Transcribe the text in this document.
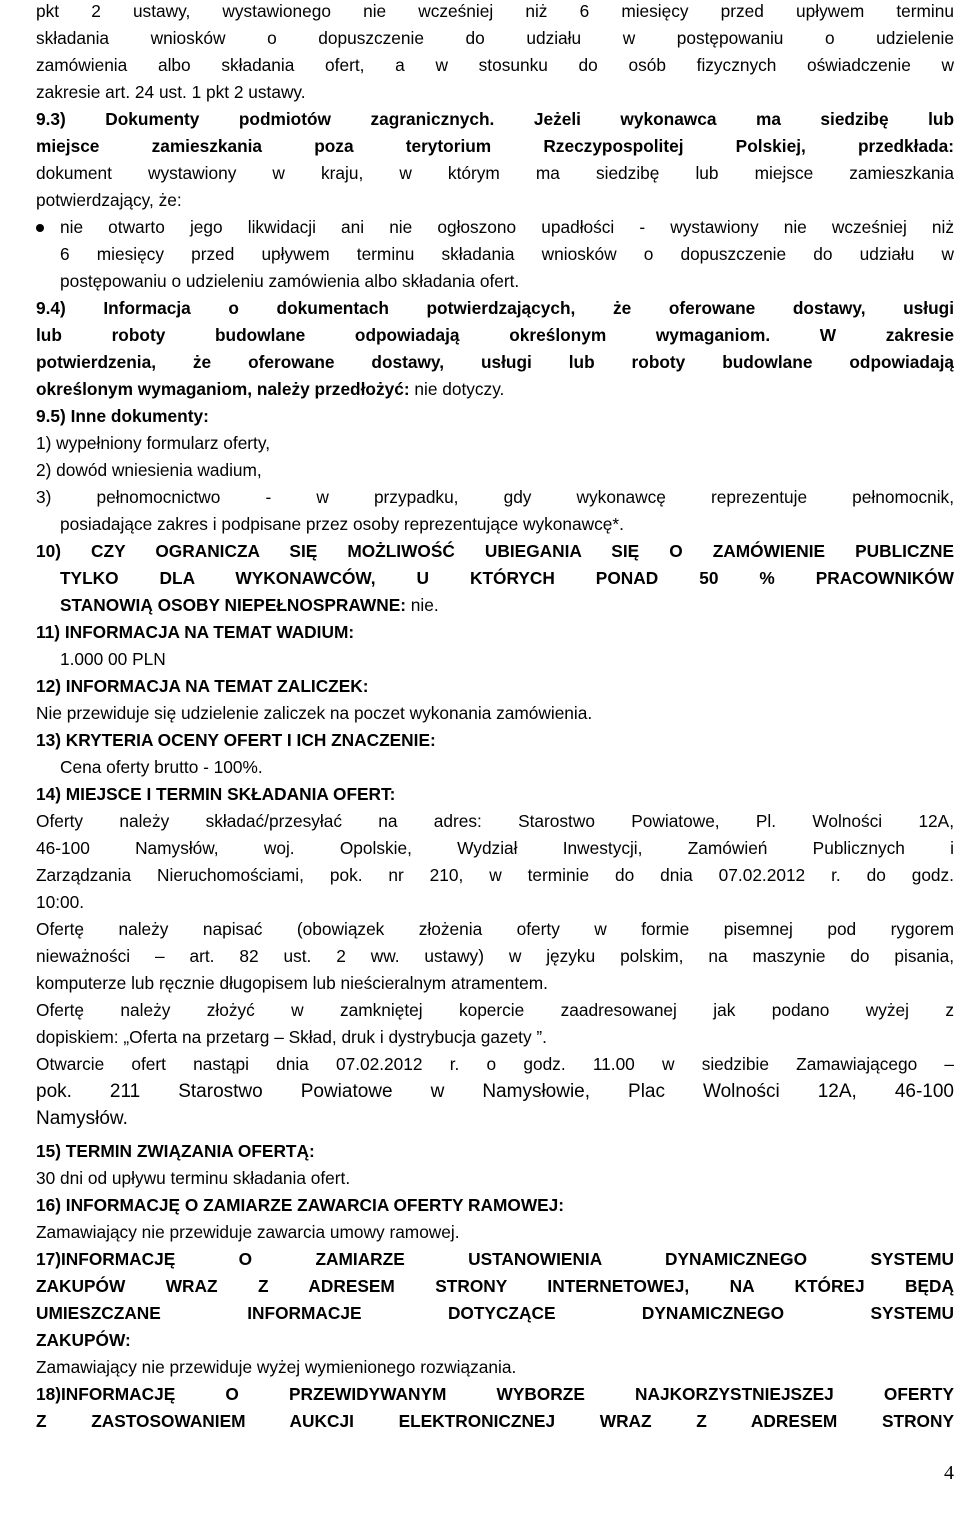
pkt 2 ustawy, wystawionego nie wcześniej niż 6 miesięcy przed upływem terminu
składania wniosków o dopuszczenie do udziału w postępowaniu o udzielenie
zamówienia albo składania ofert, a w stosunku do osób fizycznych oświadczenie w
zakresie art. 24 ust. 1 pkt 2 ustawy.
9.3) Dokumenty podmiotów zagranicznych. Jeżeli wykonawca ma siedzibę lub
miejsce zamieszkania poza terytorium Rzeczypospolitej Polskiej, przedkłada:
dokument wystawiony w kraju, w którym ma siedzibę lub miejsce zamieszkania
potwierdzający, że:
nie otwarto jego likwidacji ani nie ogłoszono upadłości - wystawiony nie wcześniej niż
6 miesięcy przed upływem terminu składania wniosków o dopuszczenie do udziału w
postępowaniu o udzieleniu zamówienia albo składania ofert.
9.4) Informacja o dokumentach potwierdzających, że oferowane dostawy, usługi
lub roboty budowlane odpowiadają określonym wymaganiom. W zakresie
potwierdzenia, że oferowane dostawy, usługi lub roboty budowlane odpowiadają
określonym wymaganiom, należy przedłożyć: nie dotyczy.
9.5) Inne dokumenty:
1) wypełniony formularz oferty,
2) dowód wniesienia wadium,
3) pełnomocnictwo - w przypadku, gdy wykonawcę reprezentuje pełnomocnik,
posiadające zakres i podpisane przez osoby reprezentujące wykonawcę*.
10) CZY OGRANICZA SIĘ MOŻLIWOŚĆ UBIEGANIA SIĘ O ZAMÓWIENIE PUBLICZNE
TYLKO DLA WYKONAWCÓW, U KTÓRYCH PONAD 50 % PRACOWNIKÓW
STANOWIĄ OSOBY NIEPEŁNOSPRAWNE: nie.
11) INFORMACJA NA TEMAT WADIUM:
1.000 00 PLN
12) INFORMACJA NA TEMAT ZALICZEK:
Nie przewiduje się udzielenie zaliczek na poczet wykonania zamówienia.
13) KRYTERIA OCENY OFERT I ICH ZNACZENIE:
Cena oferty brutto - 100%.
14) MIEJSCE I TERMIN SKŁADANIA OFERT:
Oferty należy składać/przesyłać na adres: Starostwo Powiatowe, Pl. Wolności 12A,
46-100 Namysłów, woj. Opolskie, Wydział Inwestycji, Zamówień Publicznych i
Zarządzania Nieruchomościami, pok. nr 210, w terminie do dnia 07.02.2012 r. do godz.
10:00.
Ofertę należy napisać (obowiązek złożenia oferty w formie pisemnej pod rygorem
nieważności – art. 82 ust. 2 ww. ustawy) w języku polskim, na maszynie do pisania,
komputerze lub ręcznie długopisem lub nieścieralnym atramentem.
Ofertę należy złożyć w zamkniętej kopercie zaadresowanej jak podano wyżej z
dopiskiem: „Oferta na przetarg – Skład, druk i dystrybucja gazety ”.
Otwarcie ofert nastąpi dnia 07.02.2012 r. o godz. 11.00 w siedzibie Zamawiającego –
pok. 211 Starostwo Powiatowe w Namysłowie, Plac Wolności 12A, 46-100
Namysłów.
15) TERMIN ZWIĄZANIA OFERTĄ:
30 dni od upływu terminu składania ofert.
16) INFORMACJĘ O ZAMIARZE ZAWARCIA OFERTY RAMOWEJ:
Zamawiający nie przewiduje zawarcia umowy ramowej.
17)INFORMACJĘ O ZAMIARZE USTANOWIENIA DYNAMICZNEGO SYSTEMU
ZAKUPÓW WRAZ Z ADRESEM STRONY INTERNETOWEJ, NA KTÓREJ BĘDĄ
UMIESZCZANE INFORMACJE DOTYCZĄCE DYNAMICZNEGO SYSTEMU
ZAKUPÓW:
Zamawiający nie przewiduje wyżej wymienionego rozwiązania.
18)INFORMACJĘ O PRZEWIDYWANYM WYBORZE NAJKORZYSTNIEJSZEJ OFERTY
Z ZASTOSOWANIEM AUKCJI ELEKTRONICZNEJ WRAZ Z ADRESEM STRONY
4
